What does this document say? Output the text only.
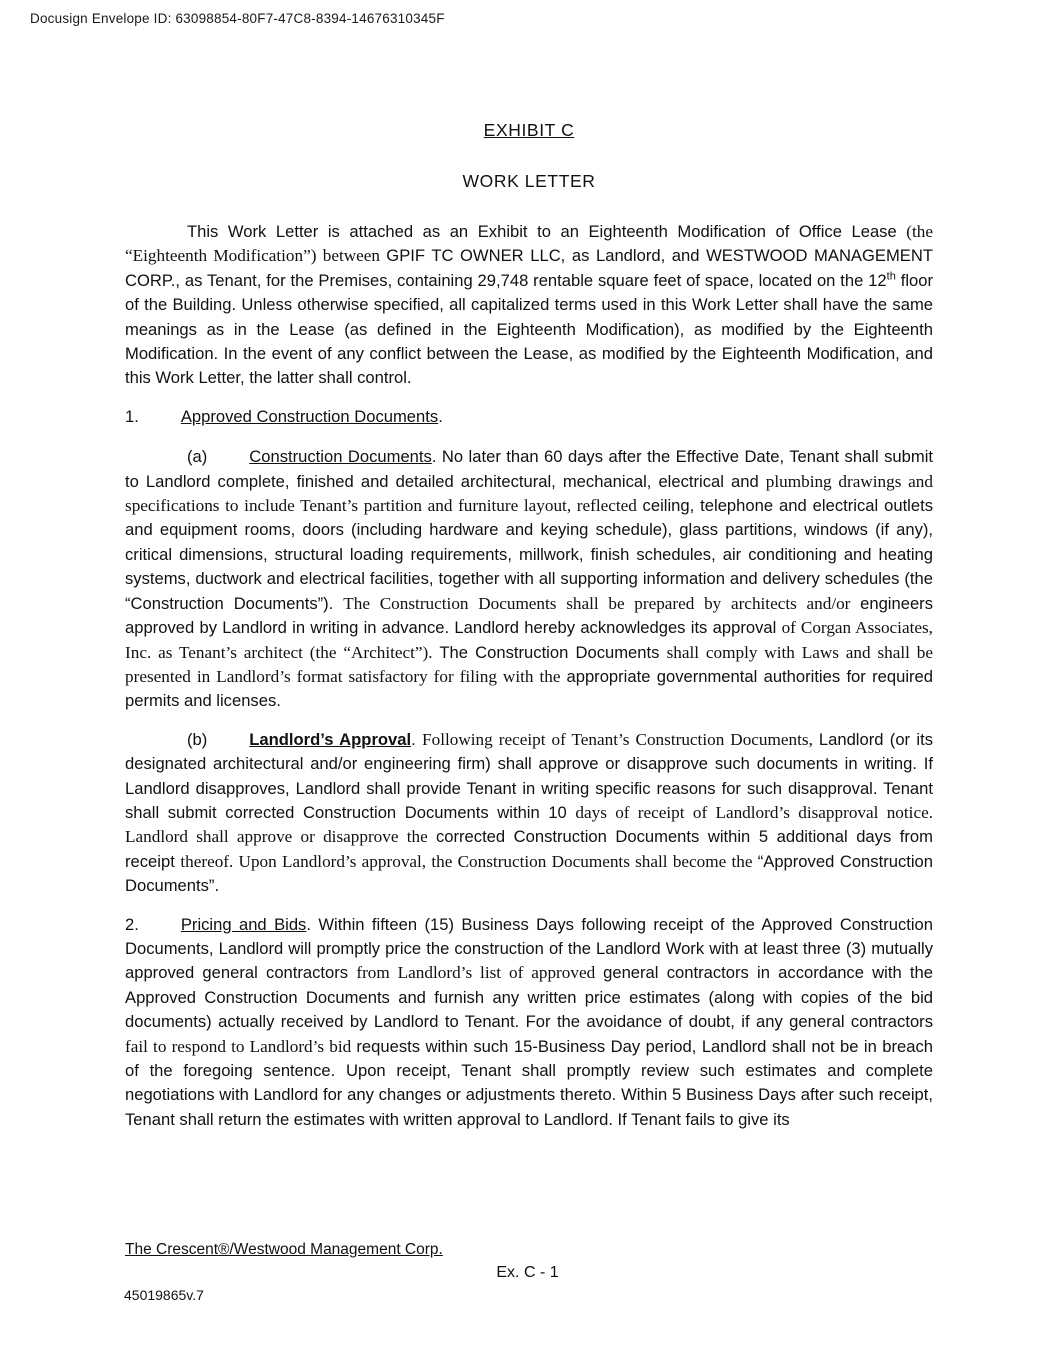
Docusign Envelope ID: 63098854-80F7-47C8-8394-14676310345F
EXHIBIT C
WORK LETTER

This Work Letter is attached as an Exhibit to an Eighteenth Modification of Office Lease (the “Eighteenth Modification”) between GPIF TC OWNER LLC, as Landlord, and WESTWOOD MANAGEMENT CORP., as Tenant, for the Premises, containing 29,748 rentable square feet of space, located on the 12th floor of the Building. Unless otherwise specified, all capitalized terms used in this Work Letter shall have the same meanings as in the Lease (as defined in the Eighteenth Modification), as modified by the Eighteenth Modification. In the event of any conflict between the Lease, as modified by the Eighteenth Modification, and this Work Letter, the latter shall control.

1.	Approved Construction Documents.

(a)	Construction Documents. No later than 60 days after the Effective Date, Tenant shall submit to Landlord complete, finished and detailed architectural, mechanical, electrical and plumbing drawings and specifications to include Tenant’s partition and furniture layout, reflected ceiling, telephone and electrical outlets and equipment rooms, doors (including hardware and keying schedule), glass partitions, windows (if any), critical dimensions, structural loading requirements, millwork, finish schedules, air conditioning and heating systems, ductwork and electrical facilities, together with all supporting information and delivery schedules (the “Construction Documents”). The Construction Documents shall be prepared by architects and/or engineers approved by Landlord in writing in advance. Landlord hereby acknowledges its approval of Corgan Associates, Inc. as Tenant’s architect (the “Architect”). The Construction Documents shall comply with Laws and shall be presented in Landlord’s format satisfactory for filing with the appropriate governmental authorities for required permits and licenses.

(b)	Landlord’s Approval. Following receipt of Tenant’s Construction Documents, Landlord (or its designated architectural and/or engineering firm) shall approve or disapprove such documents in writing. If Landlord disapproves, Landlord shall provide Tenant in writing specific reasons for such disapproval. Tenant shall submit corrected Construction Documents within 10 days of receipt of Landlord’s disapproval notice. Landlord shall approve or disapprove the corrected Construction Documents within 5 additional days from receipt thereof. Upon Landlord’s approval, the Construction Documents shall become the “Approved Construction Documents”.

2.	Pricing and Bids. Within fifteen (15) Business Days following receipt of the Approved Construction Documents, Landlord will promptly price the construction of the Landlord Work with at least three (3) mutually approved general contractors from Landlord’s list of approved general contractors in accordance with the Approved Construction Documents and furnish any written price estimates (along with copies of the bid documents) actually received by Landlord to Tenant. For the avoidance of doubt, if any general contractors fail to respond to Landlord’s bid requests within such 15-Business Day period, Landlord shall not be in breach of the foregoing sentence. Upon receipt, Tenant shall promptly review such estimates and complete negotiations with Landlord for any changes or adjustments thereto. Within 5 Business Days after such receipt, Tenant shall return the estimates with written approval to Landlord. If Tenant fails to give its

The Crescent®/Westwood Management Corp.
Ex. C - 1
45019865v.7
